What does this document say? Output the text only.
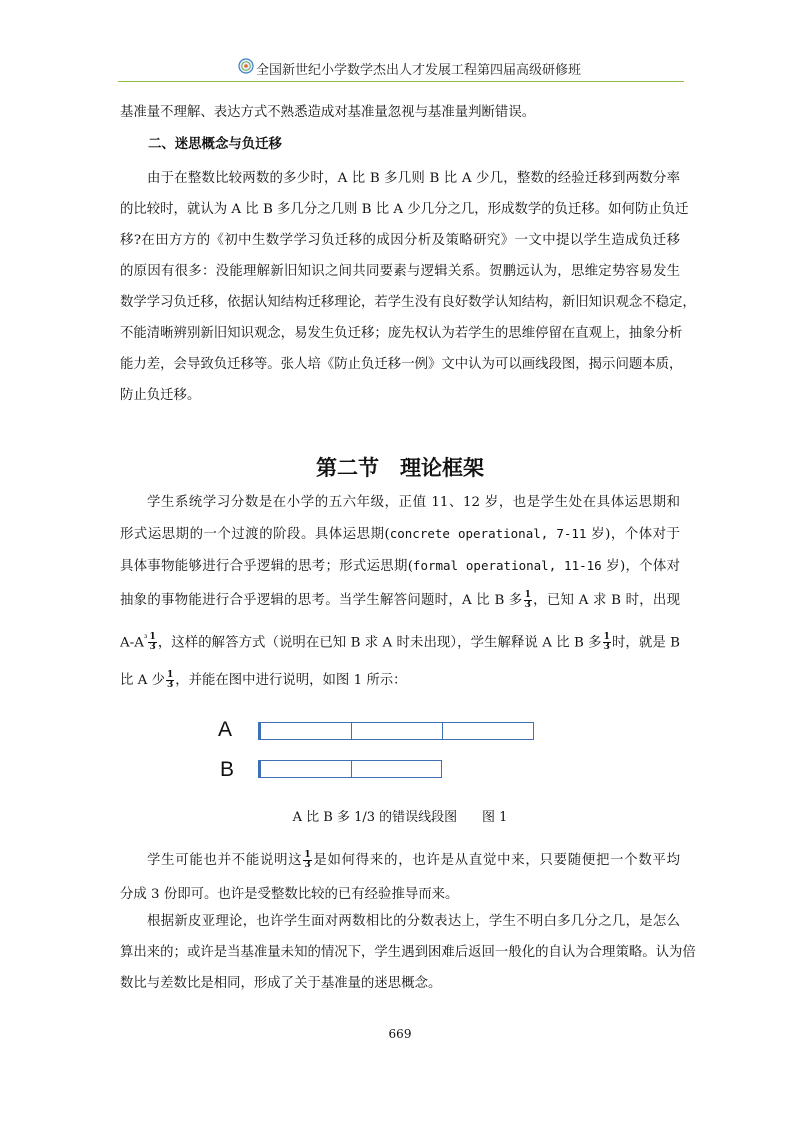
全国新世纪小学数学杰出人才发展工程第四届高级研修班

基准量不理解、表达方式不熟悉造成对基准量忽视与基准量判断错误。

二、迷思概念与负迁移

由于在整数比较两数的多少时，A 比 B 多几则 B 比 A 少几，整数的经验迁移到两数分率
的比较时，就认为 A 比 B 多几分之几则 B 比 A 少几分之几，形成数学的负迁移。如何防止负迁
移?在田方方的《初中生数学学习负迁移的成因分析及策略研究》一文中提以学生造成负迁移
的原因有很多：没能理解新旧知识之间共同要素与逻辑关系。贺鹏远认为，思维定势容易发生
数学学习负迁移，依据认知结构迁移理论，若学生没有良好数学认知结构，新旧知识观念不稳定，
不能清晰辨别新旧知识观念，易发生负迁移；庞先权认为若学生的思维停留在直观上，抽象分析
能力差，会导致负迁移等。张人培《防止负迁移一例》文中认为可以画线段图，揭示问题本质，
防止负迁移。

第二节　理论框架

学生系统学习分数是在小学的五六年级，正值 11、12 岁，也是学生处在具体运思期和
形式运思期的一个过渡的阶段。具体运思期(concrete operational, 7-11 岁)，个体对于
具体事物能够进行合乎逻辑的思考；形式运思期(formal operational, 11-16 岁)，个体对
抽象的事物能进行合乎逻辑的思考。当学生解答问题时，A 比 B 多 $\frac{1}{3}$ ，已知 A 求 B 时，出现
$A-A^{^3} \frac{1}{3}$ ，这样的解答方式（说明在已知 B 求 A 时未出现），学生解释说 A 比 B 多 $\frac{1}{3}$ 时，就是 B
比 A 少 $\frac{1}{3}$ ，并能在图中进行说明，如图 1 所示：

A
B
A 比 B 多 1/3 的错误线段图 图 1

学生可能也并不能说明这 $\frac{1}{3}$ 是如何得来的，也许是从直觉中来，只要随便把一个数平均
分成 3 份即可。也许是受整数比较的已有经验推导而来。

根据新皮亚理论，也许学生面对两数相比的分数表达上，学生不明白多几分之几，是怎么
算出来的；或许是当基准量未知的情况下，学生遇到困难后返回一般化的自认为合理策略。认为倍
数比与差数比是相同，形成了关于基准量的迷思概念。

669
